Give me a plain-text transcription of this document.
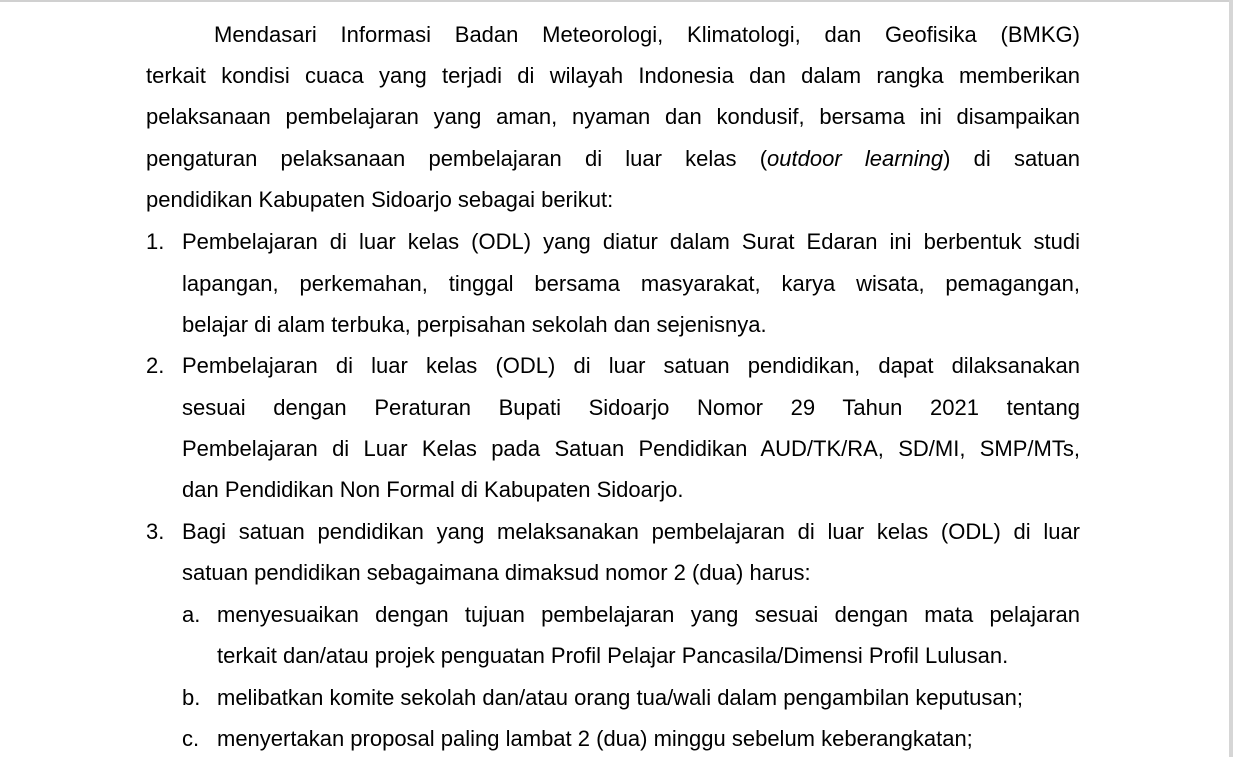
Mendasari Informasi Badan Meteorologi, Klimatologi, dan Geofisika (BMKG)
terkait kondisi cuaca yang terjadi di wilayah Indonesia dan dalam rangka memberikan
pelaksanaan pembelajaran yang aman, nyaman dan kondusif, bersama ini disampaikan
pengaturan pelaksanaan pembelajaran di luar kelas (outdoor learning) di satuan
pendidikan Kabupaten Sidoarjo sebagai berikut:
1. Pembelajaran di luar kelas (ODL) yang diatur dalam Surat Edaran ini berbentuk studi
lapangan, perkemahan, tinggal bersama masyarakat, karya wisata, pemagangan,
belajar di alam terbuka, perpisahan sekolah dan sejenisnya.
2. Pembelajaran di luar kelas (ODL) di luar satuan pendidikan, dapat dilaksanakan
sesuai dengan Peraturan Bupati Sidoarjo Nomor 29 Tahun 2021 tentang
Pembelajaran di Luar Kelas pada Satuan Pendidikan AUD/TK/RA, SD/MI, SMP/MTs,
dan Pendidikan Non Formal di Kabupaten Sidoarjo.
3. Bagi satuan pendidikan yang melaksanakan pembelajaran di luar kelas (ODL) di luar
satuan pendidikan sebagaimana dimaksud nomor 2 (dua) harus:
a. menyesuaikan dengan tujuan pembelajaran yang sesuai dengan mata pelajaran
terkait dan/atau projek penguatan Profil Pelajar Pancasila/Dimensi Profil Lulusan.
b. melibatkan komite sekolah dan/atau orang tua/wali dalam pengambilan keputusan;
c. menyertakan proposal paling lambat 2 (dua) minggu sebelum keberangkatan;
